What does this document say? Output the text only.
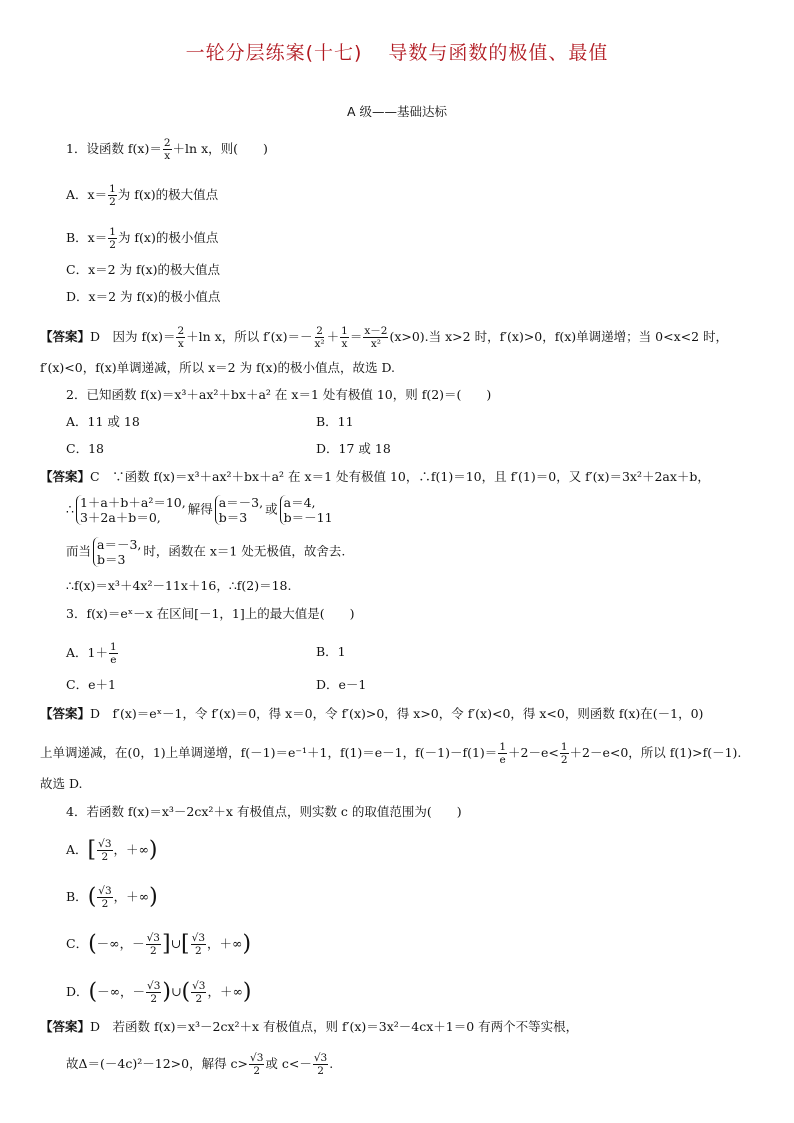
一轮分层练案(十七) 导数与函数的极值、最值
A 级——基础达标
1．设函数 $f(x)= \frac{2}{x} +\ln$ x，则(　　)
A．$x= \frac{1}{2}$ 为 f(x)的极大值点
B．$x= \frac{1}{2}$ 为 f(x)的极小值点
C．x＝2 为 f(x)的极大值点
D．x＝2 为 f(x)的极小值点
【答案】D　因为 $f(x)= \frac{2}{x} +\ln$ x，所以 $f'(x)=- \frac{2}{\text{x²}} + \frac{1}{x} = \frac{x-2}{\text{x²}} (x>0)$.当 x>2 时，f′(x)>0，f(x)单调递增；当 0<x<2 时，
f′(x)<0，f(x)单调递减，所以 x＝2 为 f(x)的极小值点，故选 D.
2．已知函数 f(x)＝x³＋ax²＋bx＋a² 在 x＝1 处有极值 10，则 f(2)＝(　　)
A．11 或 18	B．11
C．18	D．17 或 18
【答案】C　∵函数 f(x)＝x³＋ax²＋bx＋a² 在 x＝1 处有极值 10，∴f(1)＝10，且 f′(1)＝0，又 f′(x)＝3x²＋2ax＋b，
∴ 1＋a＋b＋a²＝10,
3＋2a＋b＝0,
解得 a＝－3,
b＝3
或 a＝4,
b＝－11
而当 a＝－3,
b＝3
时，函数在 x＝1 处无极值，故舍去.
∴f(x)＝x³＋4x²－11x＋16，∴f(2)＝18.
3．f(x)＝eˣ－x 在区间[－1，1]上的最大值是(　　)
A．$1+ \frac{1}{e}$	B．1
C．e＋1	D．e－1
【答案】D　f′(x)＝eˣ－1，令 f′(x)＝0，得 x＝0，令 f′(x)>0，得 x>0，令 f′(x)<0，得 x<0，则函数 f(x)在(－1，0)
上单调递减，在(0，1)上单调递增，f(－1)＝e⁻¹＋1，f(1)＝e－1，$f(-1)-f(1)= \frac{1}{e} +2-e< \frac{1}{2} +2-e<0$，所以 f(1)>f(－1).
故选 D.
4．若函数 f(x)＝x³－2cx²＋x 有极值点，则实数 c 的取值范围为(　　)
A．[ $\frac{√3}{2}$ ，＋∞)
B．( $\frac{√3}{2}$ ，＋∞)
C．(－∞，－ $\frac{√3}{2}$ ]∪[ $\frac{√3}{2}$ ，＋∞)
D．(－∞，－ $\frac{√3}{2}$ )∪( $\frac{√3}{2}$ ，＋∞)
【答案】D　若函数 f(x)＝x³－2cx²＋x 有极值点，则 f′(x)＝3x²－4cx＋1＝0 有两个不等实根，
故Δ＝(－4c)²－12>0，解得 $c> \frac{√3}{2}$ 或 $c<- \frac{√3}{2}$ .
